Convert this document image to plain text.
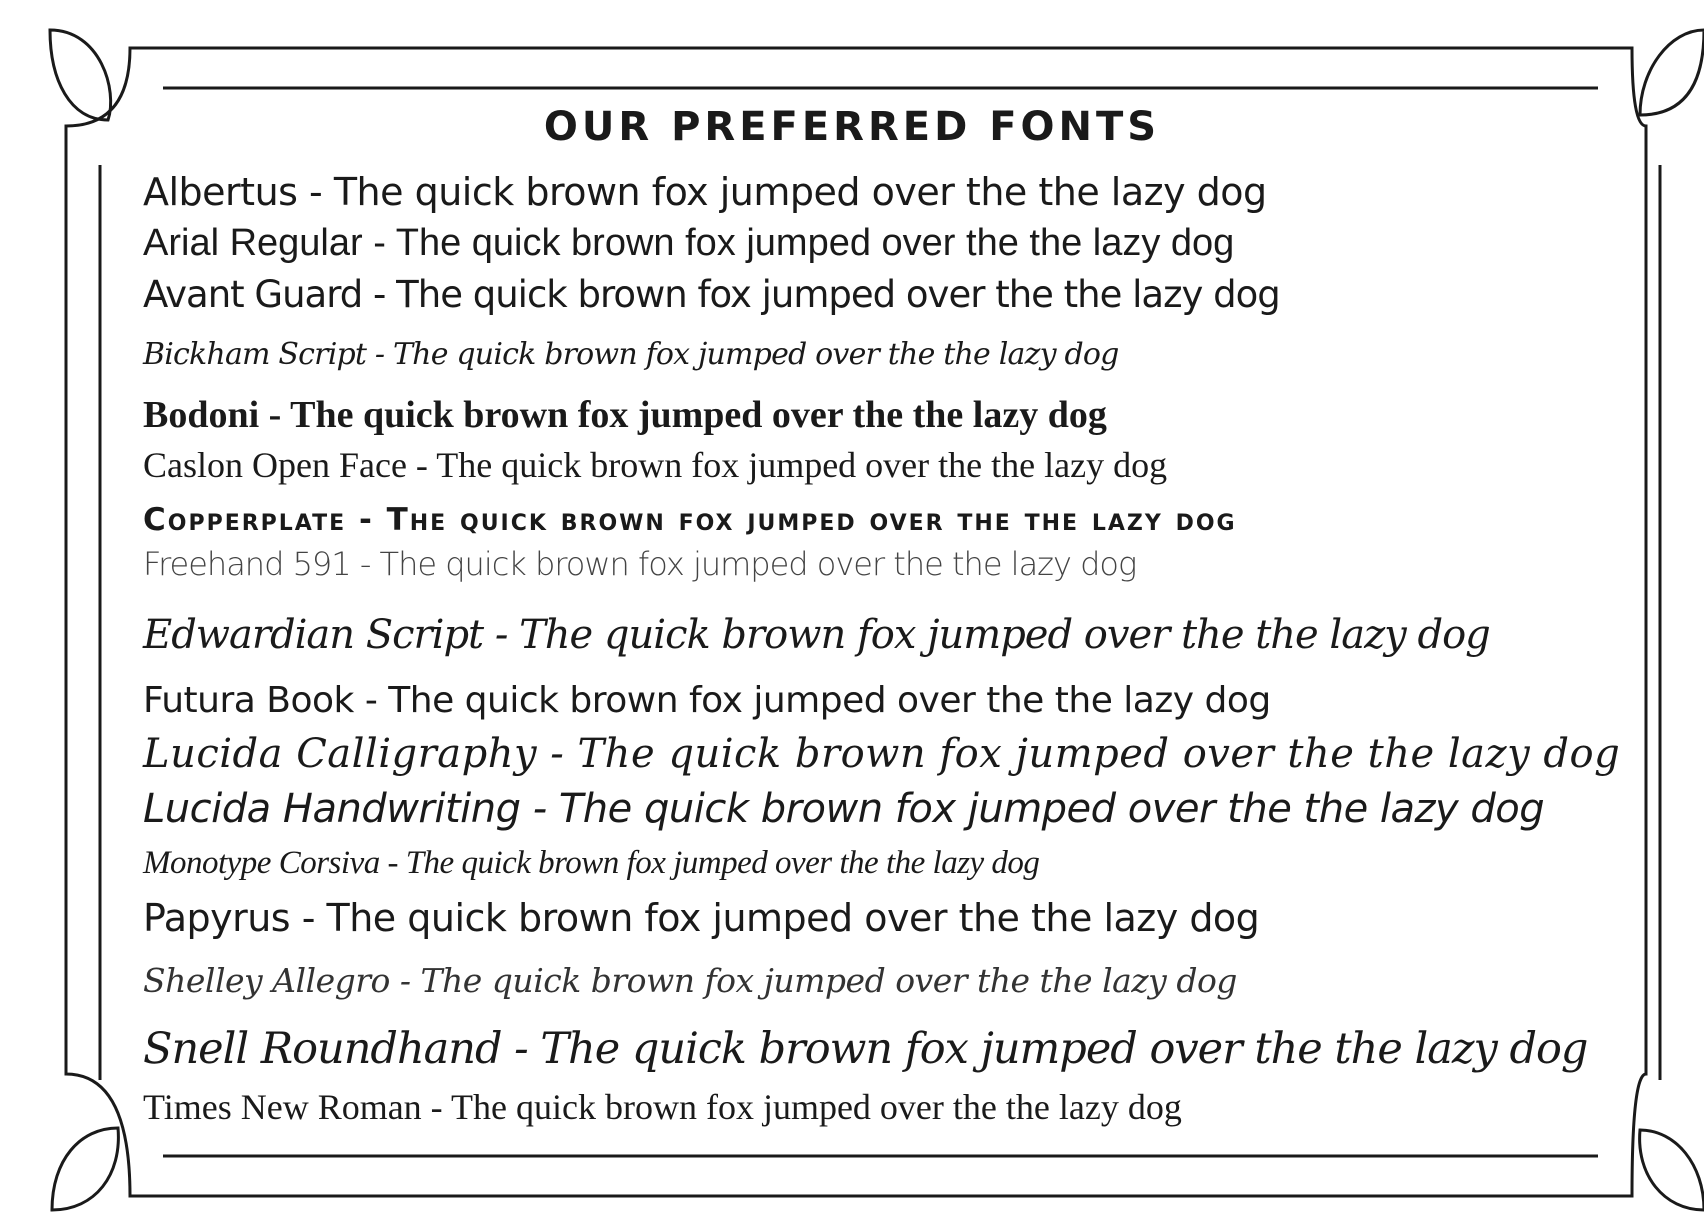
OUR PREFERRED FONTS
Albertus - The quick brown fox jumped over the the lazy dog
Arial Regular - The quick brown fox jumped over the the lazy dog
Avant Guard - The quick brown fox jumped over the the lazy dog
Bickham Script - The quick brown fox jumped over the the lazy dog
Bodoni - The quick brown fox jumped over the the lazy dog
Caslon Open Face - The quick brown fox jumped over the the lazy dog
Copperplate - The quick brown fox jumped over the the lazy dog
Freehand 591 - The quick brown fox jumped over the the lazy dog
Edwardian Script - The quick brown fox jumped over the the lazy dog
Futura Book - The quick brown fox jumped over the the lazy dog
Lucida Calligraphy - The quick brown fox jumped over the the lazy dog
Lucida Handwriting - The quick brown fox jumped over the the lazy dog
Monotype Corsiva - The quick brown fox jumped over the the lazy dog
Papyrus - The quick brown fox jumped over the the lazy dog
Shelley Allegro - The quick brown fox jumped over the the lazy dog
Snell Roundhand - The quick brown fox jumped over the the lazy dog
Times New Roman - The quick brown fox jumped over the the lazy dog
